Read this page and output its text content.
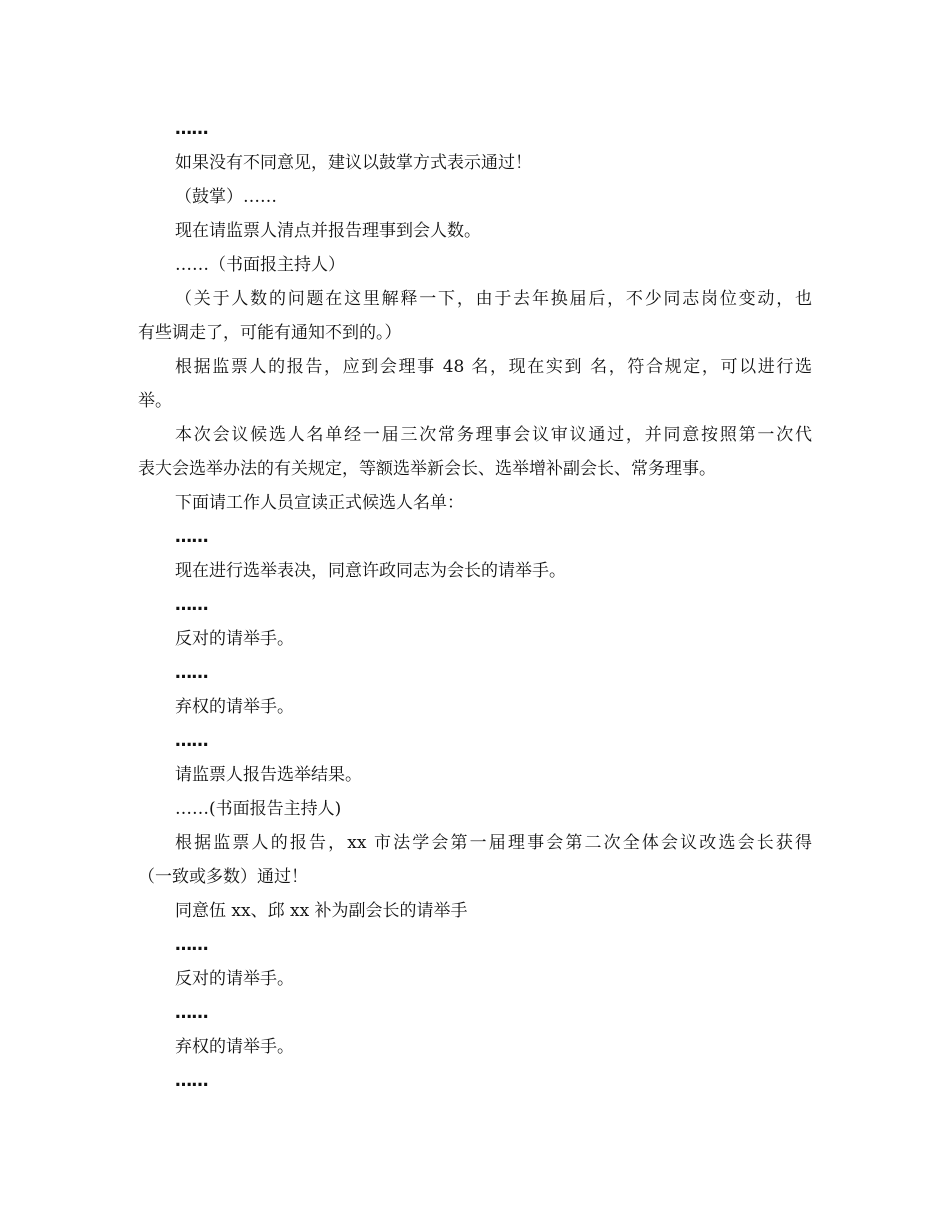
……
如果没有不同意见，建议以鼓掌方式表示通过！
（鼓掌）……
现在请监票人清点并报告理事到会人数。
……（书面报主持人）
（关于人数的问题在这里解释一下，由于去年换届后，不少同志岗位变动，也
有些调走了，可能有通知不到的。）
根据监票人的报告，应到会理事 48 名，现在实到 名，符合规定，可以进行选
举。
本次会议候选人名单经一届三次常务理事会议审议通过，并同意按照第一次代
表大会选举办法的有关规定，等额选举新会长、选举增补副会长、常务理事。
下面请工作人员宣读正式候选人名单：
……
现在进行选举表决，同意许政同志为会长的请举手。
……
反对的请举手。
……
弃权的请举手。
……
请监票人报告选举结果。
……(书面报告主持人)
根据监票人的报告，xx 市法学会第一届理事会第二次全体会议改选会长获得
（一致或多数）通过！
同意伍 xx、邱 xx 补为副会长的请举手
……
反对的请举手。
……
弃权的请举手。
……
